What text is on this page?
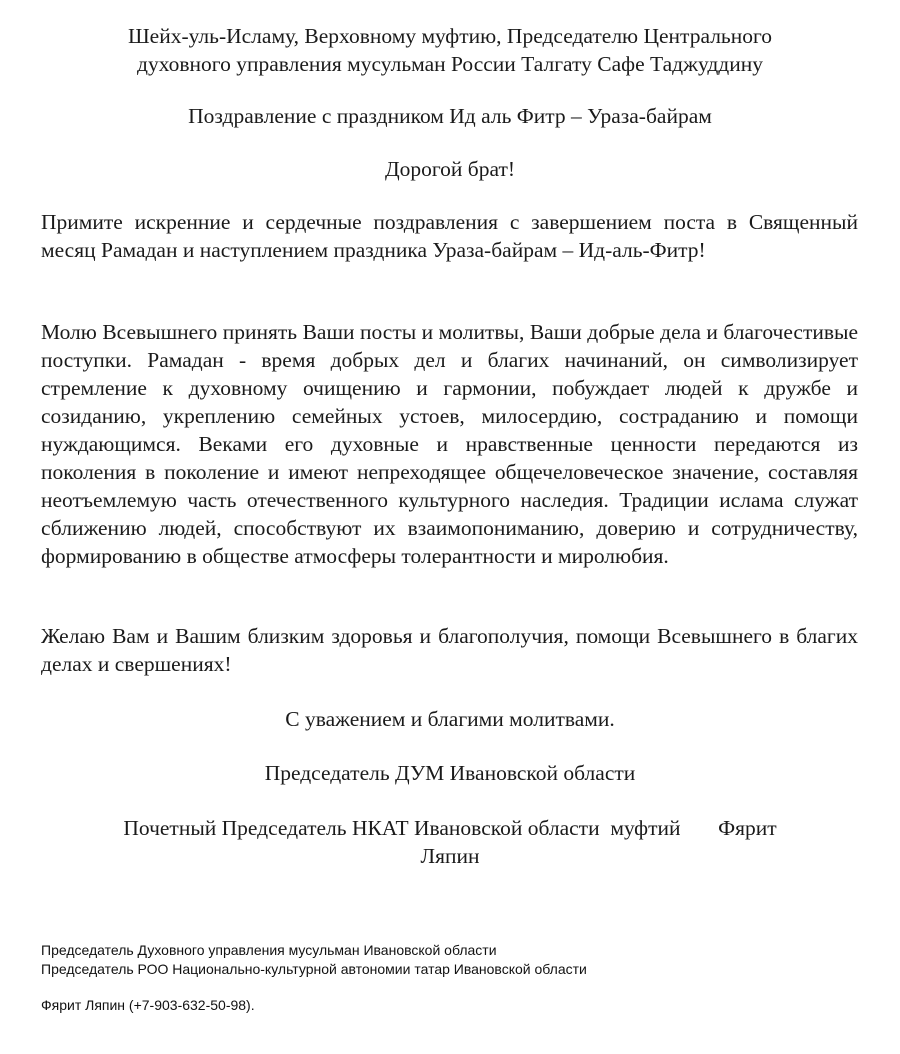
Шейх-уль-Исламу, Верховному муфтию, Председателю Центрального
духовного управления мусульман России Талгату Сафе Таджуддину

Поздравление с праздником Ид аль Фитр – Ураза-байрам

Дорогой брат!

Примите искренние и сердечные поздравления с завершением поста в Священный месяц Рамадан и наступлением праздника Ураза-байрам – Ид-аль-Фитр!

Молю Всевышнего принять Ваши посты и молитвы, Ваши добрые дела и благочестивые поступки. Рамадан - время добрых дел и благих начинаний, он символизирует стремление к духовному очищению и гармонии, побуждает людей к дружбе и созиданию, укреплению семейных устоев, милосердию, состраданию и помощи нуждающимся. Веками его духовные и нравственные ценности передаются из поколения в поколение и имеют непреходящее общечеловеческое значение, составляя неотъемлемую часть отечественного культурного наследия. Традиции ислама служат сближению людей, способствуют их взаимопониманию, доверию и сотрудничеству, формированию в обществе атмосферы толерантности и миролюбия.

Желаю Вам и Вашим близким здоровья и благополучия, помощи Всевышнего в благих делах и свершениях!

С уважением и благими молитвами.

Председатель ДУМ Ивановской области

Почетный Председатель НКАТ Ивановской области  муфтий       Фярит
Ляпин

Председатель Духовного управления мусульман Ивановской области

Председатель РОО Национально-культурной автономии татар Ивановской области

Фярит Ляпин (+7-903-632-50-98).
